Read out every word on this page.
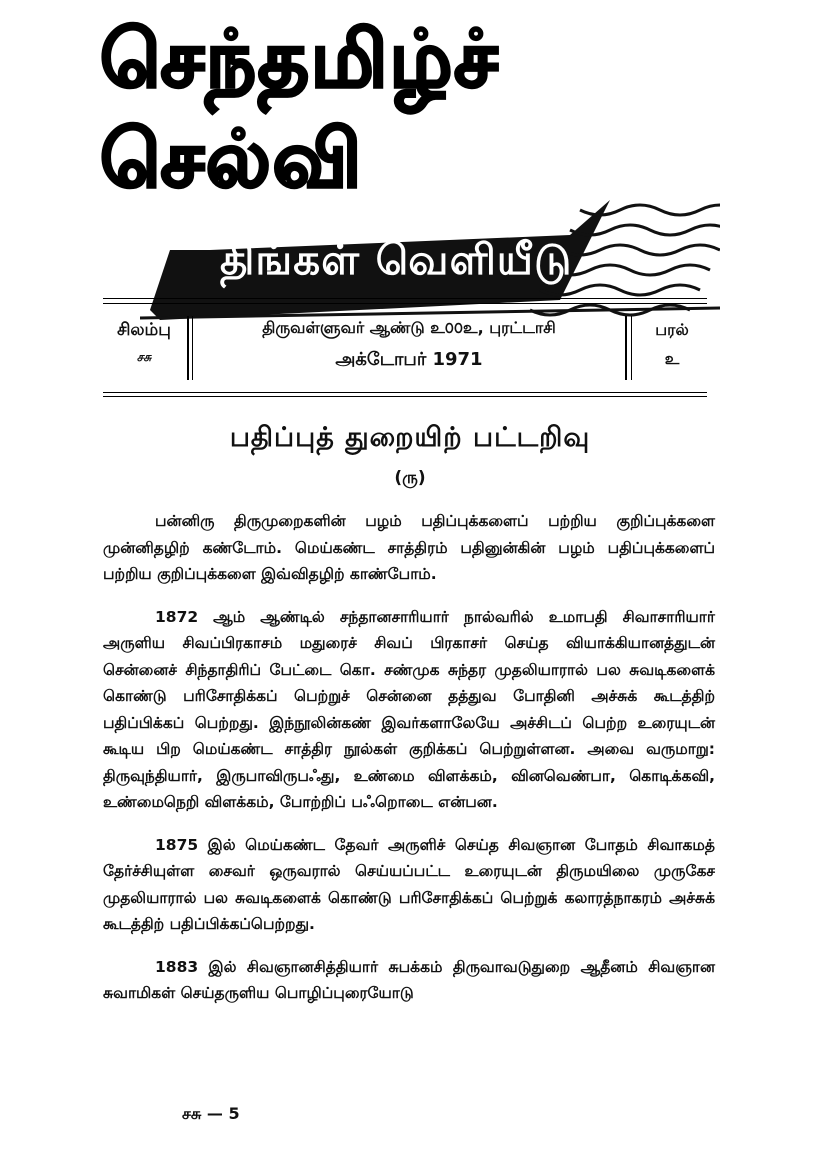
செந்தமிழ்ச் செல்வி
திங்கள் வெளியீடு
சிலம்பு
சசு
திருவள்ளுவர் ஆண்டு உ௦௦உ, புரட்டாசி
அக்டோபர் 1971
பரல்
உ
பதிப்புத் துறையிற் பட்டறிவு
(ரு)

பன்னிரு திருமுறைகளின் பழம் பதிப்புக்களைப் பற்றிய குறிப்புக்களை முன்னிதழிற் கண்டோம். மெய்கண்ட சாத்திரம் பதினுன்கின் பழம் பதிப்புக்களைப் பற்றிய குறிப்புக்களை இவ்விதழிற் காண்போம்.

1872 ஆம் ஆண்டில் சந்தானசாரியார் நால்வரில் உமாபதி சிவாசாரியார் அருளிய சிவப்பிரகாசம் மதுரைச் சிவப் பிரகாசர் செய்த வியாக்கியானத்துடன் சென்னைச் சிந்தாதிரிப் பேட்டை கொ. சண்முக சுந்தர முதலியாரால் பல சுவடிகளைக் கொண்டு பரிசோதிக்கப் பெற்றுச் சென்னை தத்துவ போதினி அச்சுக் கூடத்திற் பதிப்பிக்கப் பெற்றது. இந்நூலின்கண் இவர்களாலேயே அச்சிடப் பெற்ற உரையுடன் கூடிய பிற மெய்கண்ட சாத்திர நூல்கள் குறிக்கப் பெற்றுள்ளன. அவை வருமாறு: திருவுந்தியார், இருபாவிருபஃது, உண்மை விளக்கம், வினவெண்பா, கொடிக்கவி, உண்மைநெறி விளக்கம், போற்றிப் பஃறொடை என்பன.

1875 இல் மெய்கண்ட தேவர் அருளிச் செய்த சிவஞான போதம் சிவாகமத் தேர்ச்சியுள்ள சைவர் ஒருவரால் செய்யப்பட்ட உரையுடன் திருமயிலை முருகேச முதலியாரால் பல சுவடிகளைக் கொண்டு பரிசோதிக்கப் பெற்றுக் கலாரத்நாகரம் அச்சுக் கூடத்திற் பதிப்பிக்கப்பெற்றது.

1883 இல் சிவஞானசித்தியார் சுபக்கம் திருவாவடுதுறை ஆதீனம் சிவஞான சுவாமிகள் செய்தருளிய பொழிப்புரையோடு

சசு — 5
